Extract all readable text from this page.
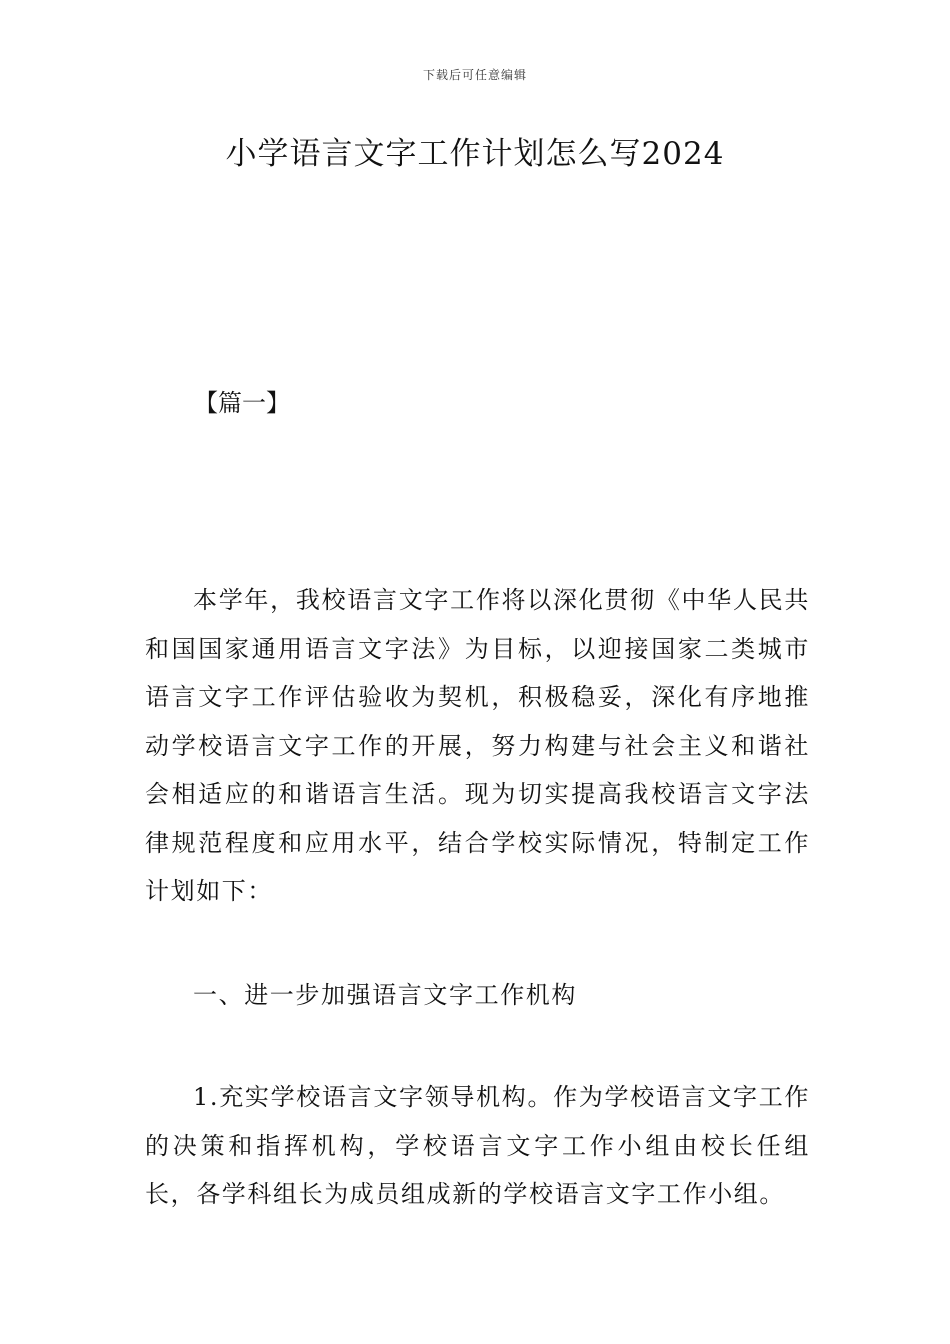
下载后可任意编辑
小学语言文字工作计划怎么写2024

【篇一】

本学年，我校语言文字工作将以深化贯彻《中华人民共和国国家通用语言文字法》为目标，以迎接国家二类城市语言文字工作评估验收为契机，积极稳妥，深化有序地推动学校语言文字工作的开展，努力构建与社会主义和谐社会相适应的和谐语言生活。现为切实提高我校语言文字法律规范程度和应用水平，结合学校实际情况，特制定工作计划如下：

一、进一步加强语言文字工作机构

1.充实学校语言文字领导机构。作为学校语言文字工作的决策和指挥机构，学校语言文字工作小组由校长任组长，各学科组长为成员组成新的学校语言文字工作小组。
